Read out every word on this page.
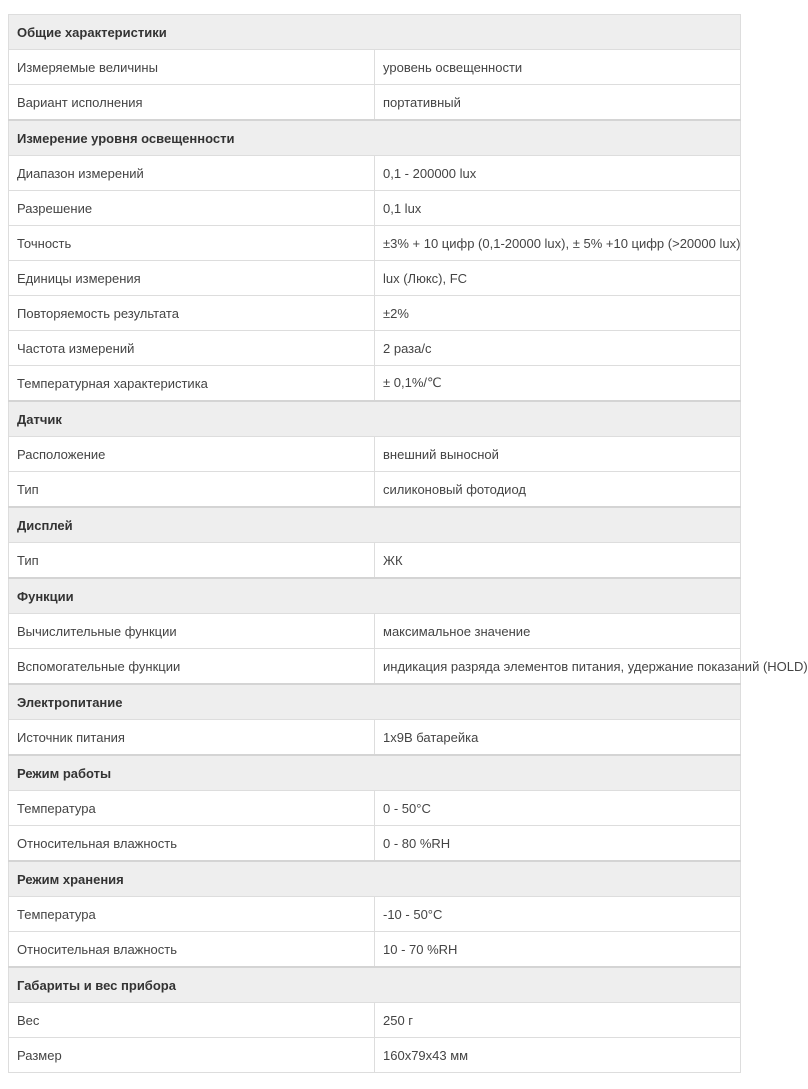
Общие характеристики	
Измеряемые величины	уровень освещенности
Вариант исполнения	портативный
Измерение уровня освещенности	
Диапазон измерений	0,1 - 200000 lux
Разрешение	0,1 lux
Точность	±3% + 10 цифр (0,1-20000 lux), ± 5% +10 цифр (>20000 lux)
Единицы измерения	lux (Люкс), FC
Повторяемость результата	±2%
Частота измерений	2 раза/с
Температурная характеристика	± 0,1%/℃
Датчик	
Расположение	внешний выносной
Тип	силиконовый фотодиод
Дисплей	
Тип	ЖК
Функции	
Вычислительные функции	максимальное значение
Вспомогательные функции	индикация разряда элементов питания, удержание показаний (HOLD)
Электропитание	
Источник питания	1х9В батарейка
Режим работы	
Температура	0 - 50°C
Относительная влажность	0 - 80 %RH
Режим хранения	
Температура	-10 - 50°C
Относительная влажность	10 - 70 %RH
Габариты и вес прибора	
Вес	250 г
Размер	160х79х43 мм
